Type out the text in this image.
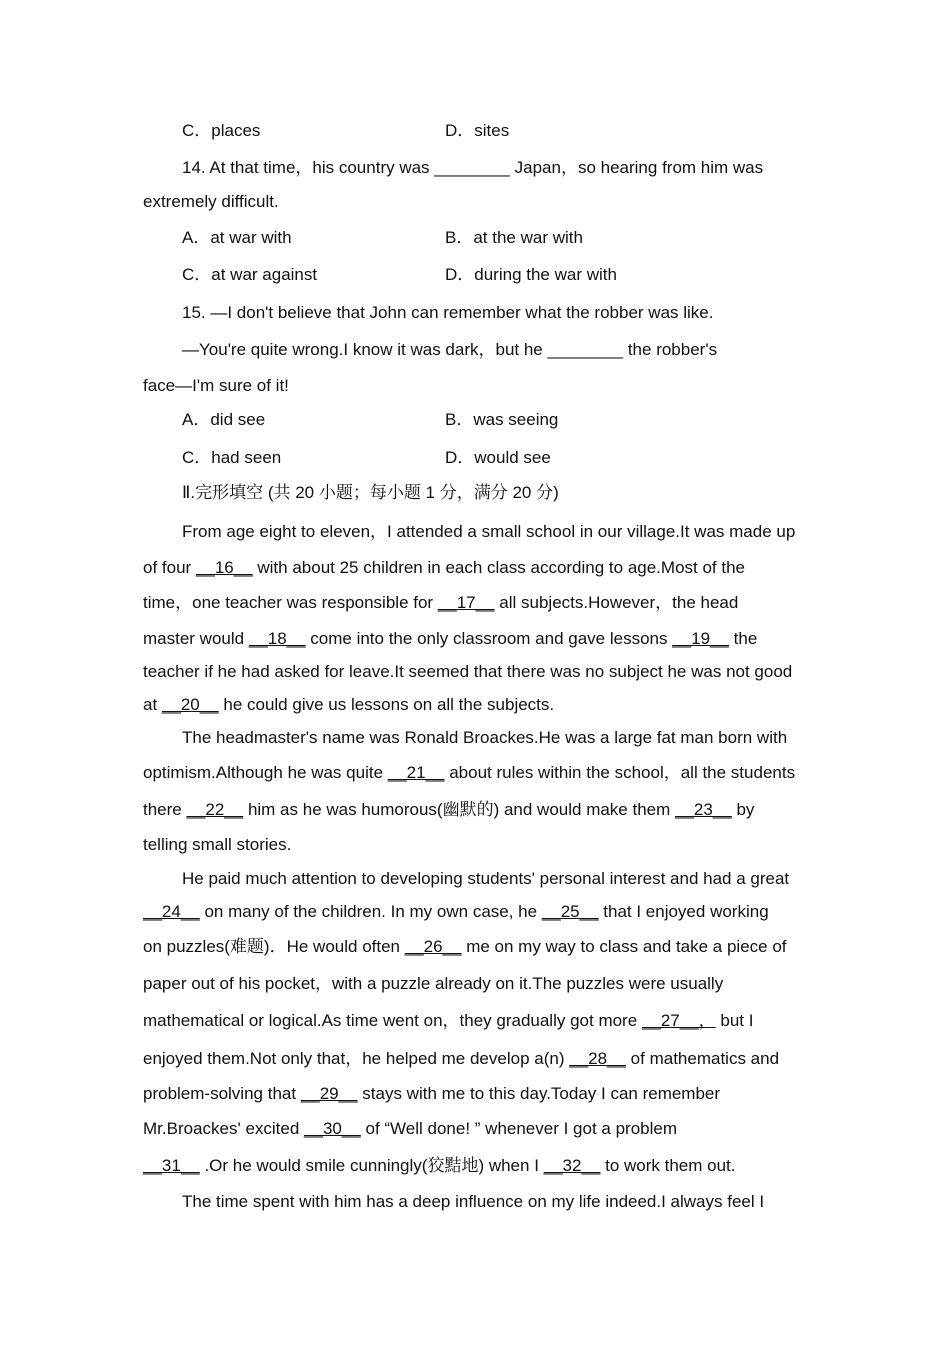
C．places	D．sites
14. At that time，his country was ________ Japan，so hearing from him was
extremely difficult.
A．at war with	B．at the war with
C．at war against	D．during the war with
15. —I don't believe that John can remember what the robber was like.
—You're quite wrong.I know it was dark，but he ________ the robber's
face—I'm sure of it!
A．did see	B．was seeing
C．had seen	D．would see
Ⅱ.完形填空 (共 20 小题；每小题 1 分，满分 20 分)
From age eight to eleven，I attended a small school in our village.It was made up
of four __16__ with about 25 children in each class according to age.Most of the
time，one teacher was responsible for __17__ all subjects.However，the head
master would __18__ come into the only classroom and gave lessons __19__ the
teacher if he had asked for leave.It seemed that there was no subject he was not good
at __20__ he could give us lessons on all the subjects.
The headmaster's name was Ronald Broackes.He was a large fat man born with
optimism.Although he was quite __21__ about rules within the school，all the students
there __22__ him as he was humorous(幽默的) and would make them __23__ by
telling small stories.
He paid much attention to developing students' personal interest and had a great
__24__ on many of the children. In my own case, he __25__ that I enjoyed working
on puzzles(难题)．He would often __26__ me on my way to class and take a piece of
paper out of his pocket，with a puzzle already on it.The puzzles were usually
mathematical or logical.As time went on，they gradually got more __27__， but I
enjoyed them.Not only that，he helped me develop a(n) __28__ of mathematics and
problem-solving that __29__ stays with me to this day.Today I can remember
Mr.Broackes' excited __30__ of “Well done! ” whenever I got a problem
__31__ .Or he would smile cunningly(狡黠地) when I __32__ to work them out.
The time spent with him has a deep influence on my life indeed.I always feel I
